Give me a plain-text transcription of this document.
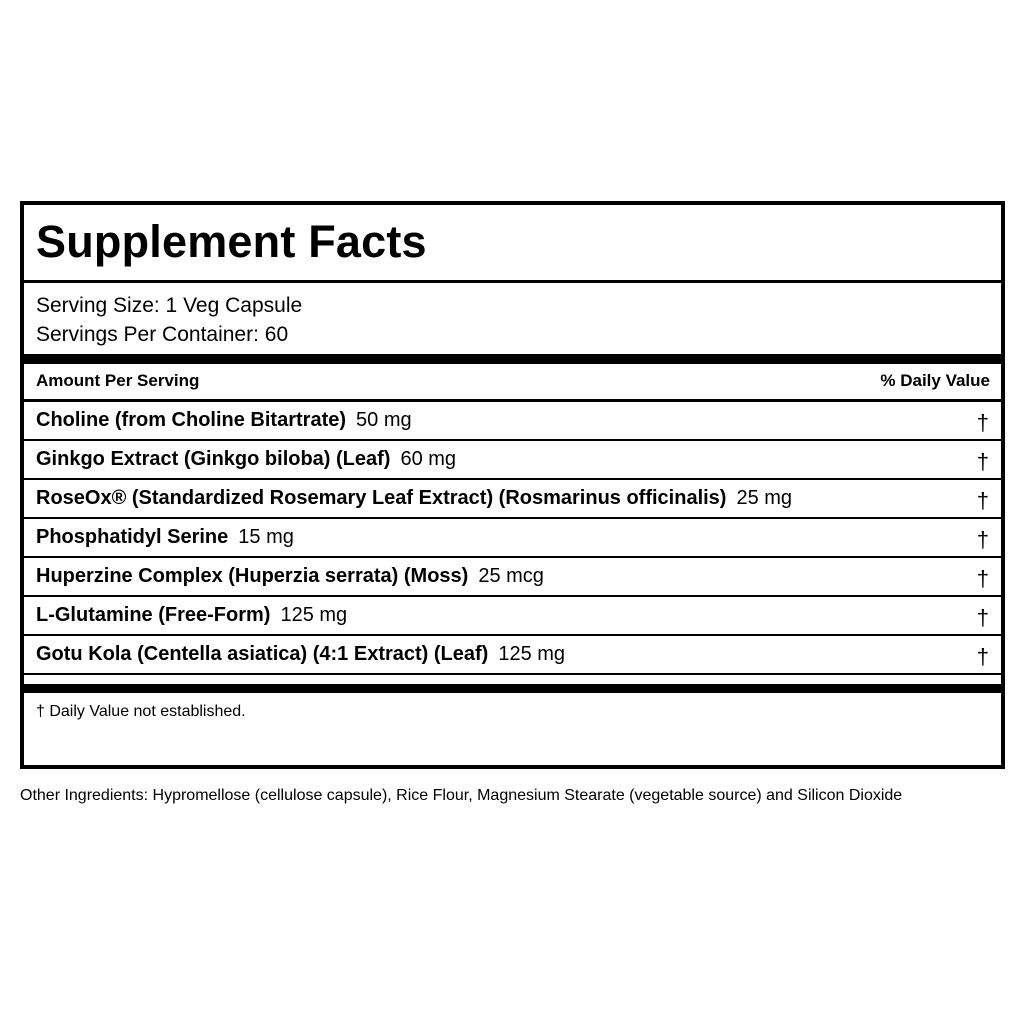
Supplement Facts
Serving Size: 1 Veg Capsule
Servings Per Container: 60
Amount Per Serving	% Daily Value
Choline (from Choline Bitartrate) 50 mg	†
Ginkgo Extract (Ginkgo biloba) (Leaf) 60 mg	†
RoseOx® (Standardized Rosemary Leaf Extract) (Rosmarinus officinalis) 25 mg	†
Phosphatidyl Serine 15 mg	†
Huperzine Complex (Huperzia serrata) (Moss) 25 mcg	†
L-Glutamine (Free-Form) 125 mg	†
Gotu Kola (Centella asiatica) (4:1 Extract) (Leaf) 125 mg	†
† Daily Value not established.
Other Ingredients: Hypromellose (cellulose capsule), Rice Flour, Magnesium Stearate (vegetable source) and Silicon Dioxide
